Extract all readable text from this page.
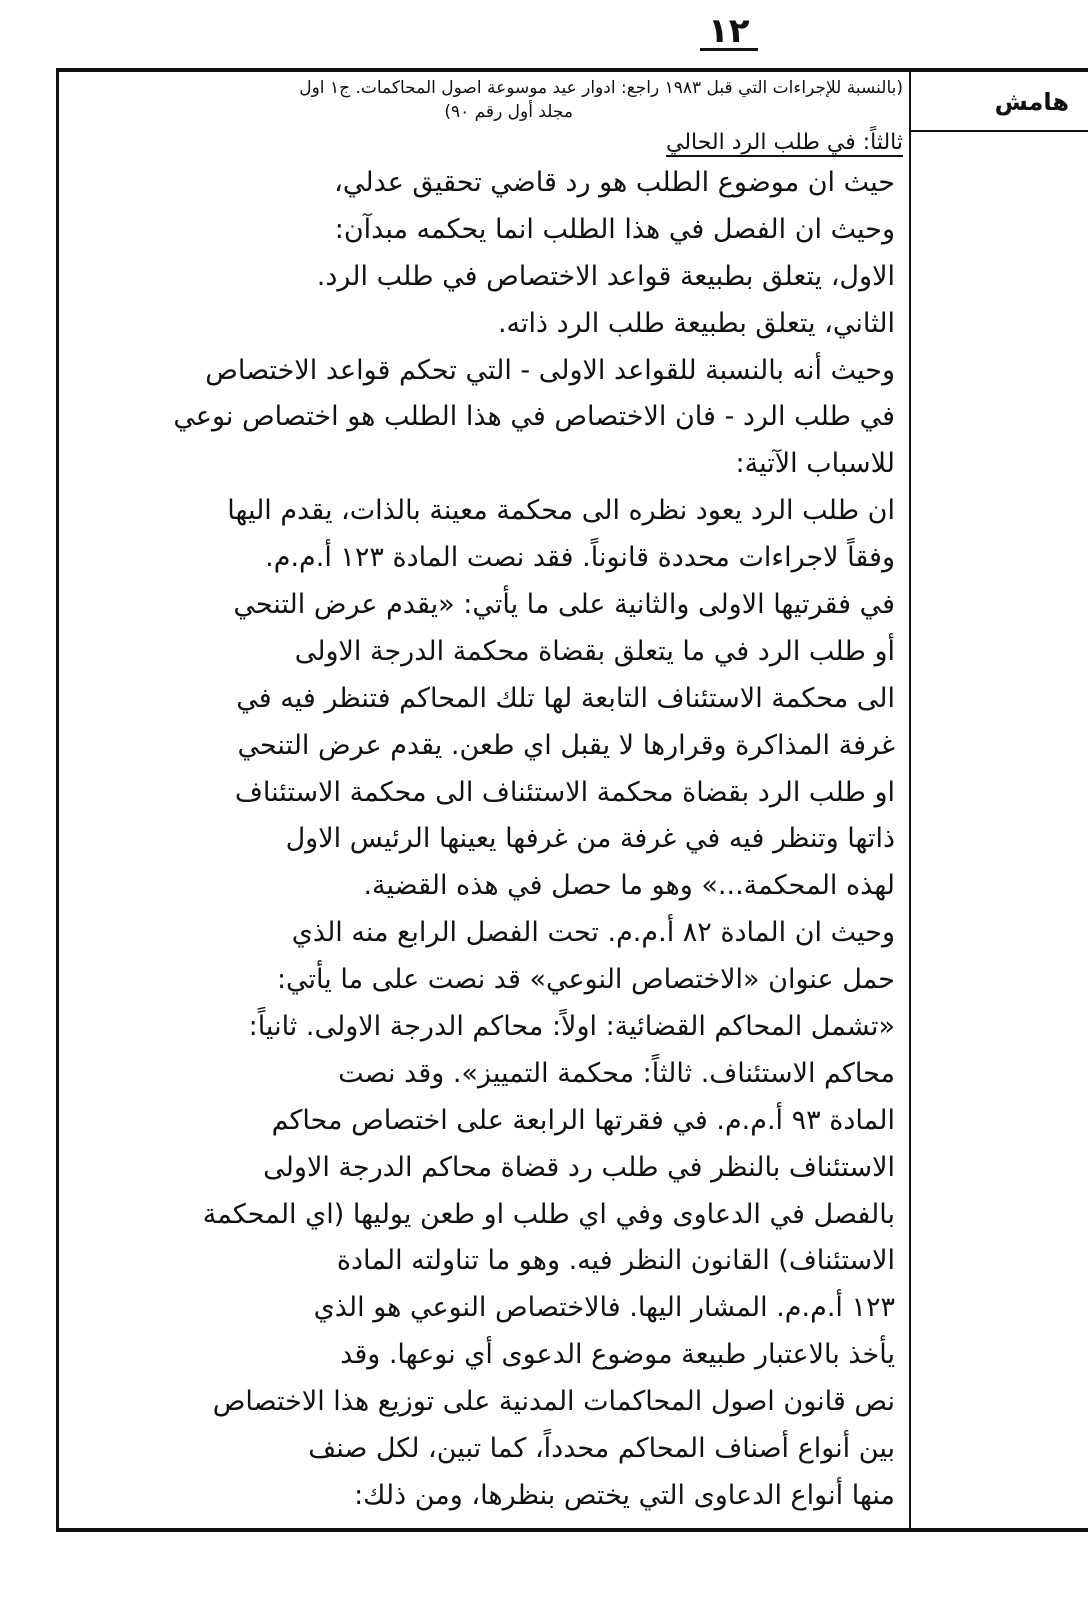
١٢
هامش
(بالنسبة للإجراءات التي قبل ١٩٨٣ راجع: ادوار عيد موسوعة اصول المحاكمات. ج١ اول
مجلد أول رقم ٩٠)
ثالثاً: في طلب الرد الحالي
حيث ان موضوع الطلب هو رد قاضي تحقيق عدلي،
وحيث ان الفصل في هذا الطلب انما يحكمه مبدآن:
الاول، يتعلق بطبيعة قواعد الاختصاص في طلب الرد.
الثاني، يتعلق بطبيعة طلب الرد ذاته.
وحيث أنه بالنسبة للقواعد الاولى - التي تحكم قواعد الاختصاص
في طلب الرد - فان الاختصاص في هذا الطلب هو اختصاص نوعي
للاسباب الآتية:
ان طلب الرد يعود نظره الى محكمة معينة بالذات، يقدم اليها
وفقاً لاجراءات محددة قانوناً. فقد نصت المادة ١٢٣ أ.م.م.
في فقرتيها الاولى والثانية على ما يأتي: «يقدم عرض التنحي
أو طلب الرد في ما يتعلق بقضاة محكمة الدرجة الاولى
الى محكمة الاستئناف التابعة لها تلك المحاكم فتنظر فيه في
غرفة المذاكرة وقرارها لا يقبل اي طعن. يقدم عرض التنحي
او طلب الرد بقضاة محكمة الاستئناف الى محكمة الاستئناف
ذاتها وتنظر فيه في غرفة من غرفها يعينها الرئيس الاول
لهذه المحكمة...» وهو ما حصل في هذه القضية.
وحيث ان المادة ٨٢ أ.م.م. تحت الفصل الرابع منه الذي
حمل عنوان «الاختصاص النوعي» قد نصت على ما يأتي:
«تشمل المحاكم القضائية: اولاً: محاكم الدرجة الاولى. ثانياً:
محاكم الاستئناف. ثالثاً: محكمة التمييز». وقد نصت
المادة ٩٣ أ.م.م. في فقرتها الرابعة على اختصاص محاكم
الاستئناف بالنظر في طلب رد قضاة محاكم الدرجة الاولى
بالفصل في الدعاوى وفي اي طلب او طعن يوليها (اي المحكمة
الاستئناف) القانون النظر فيه. وهو ما تناولته المادة
١٢٣ أ.م.م. المشار اليها. فالاختصاص النوعي هو الذي
يأخذ بالاعتبار طبيعة موضوع الدعوى أي نوعها. وقد
نص قانون اصول المحاكمات المدنية على توزيع هذا الاختصاص
بين أنواع أصناف المحاكم محدداً، كما تبين، لكل صنف
منها أنواع الدعاوى التي يختص بنظرها، ومن ذلك:
